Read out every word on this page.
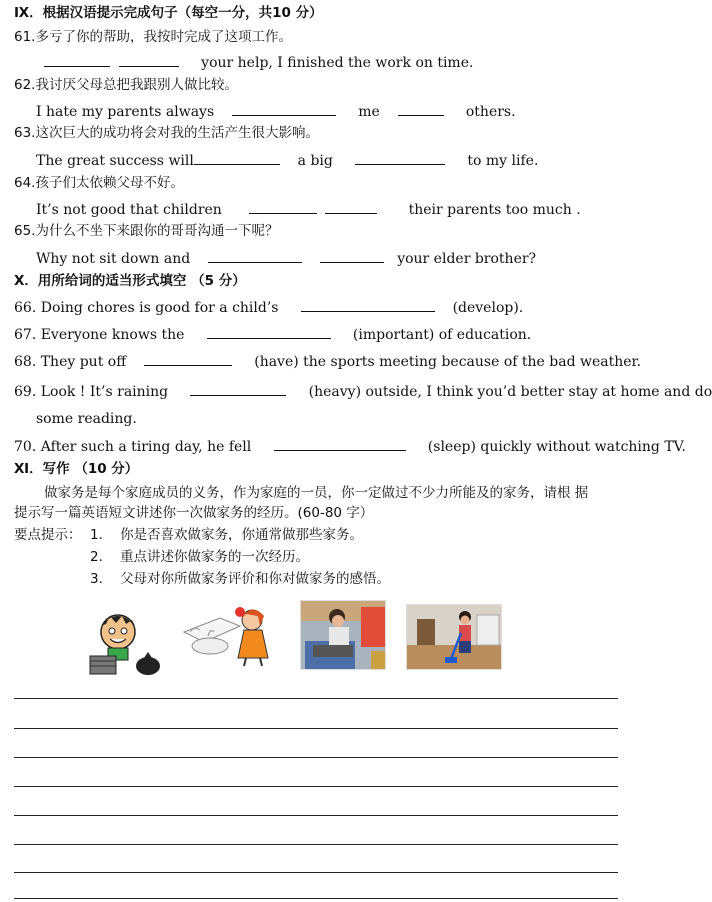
Ⅸ．根据汉语提示完成句子（每空一分，共10 分）
61.多亏了你的帮助，我按时完成了这项工作。
your help, I finished the work on time.
62.我讨厌父母总把我跟别人做比较。
I hate my parents always	me	others.
63.这次巨大的成功将会对我的生活产生很大影响。
The great success will	a big	to my life.
64.孩子们太依赖父母不好。
It’s not good that children	their parents too much .
65.为什么不坐下来跟你的哥哥沟通一下呢？
Why not sit down and	your elder brother?
Ⅹ．用所给词的适当形式填空 （5 分）
66. Doing chores is good for a child’s	(develop).
67. Everyone knows the	(important) of education.
68. They put off	(have) the sports meeting because of the bad weather.
69. Look ! It’s raining	(heavy) outside, I think you’d better stay at home and do
some reading.
70. After such a tiring day, he fell	(sleep) quickly without watching TV.
Ⅺ．写作 （10 分）
做家务是每个家庭成员的义务，作为家庭的一员，你一定做过不少力所能及的家务，请根 据
提示写一篇英语短文讲述你一次做家务的经历。(60-80 字）
要点提示： 1. 你是否喜欢做家务，你通常做那些家务。
2. 重点讲述你做家务的一次经历。
3. 父母对你所做家务评价和你对做家务的感悟。
